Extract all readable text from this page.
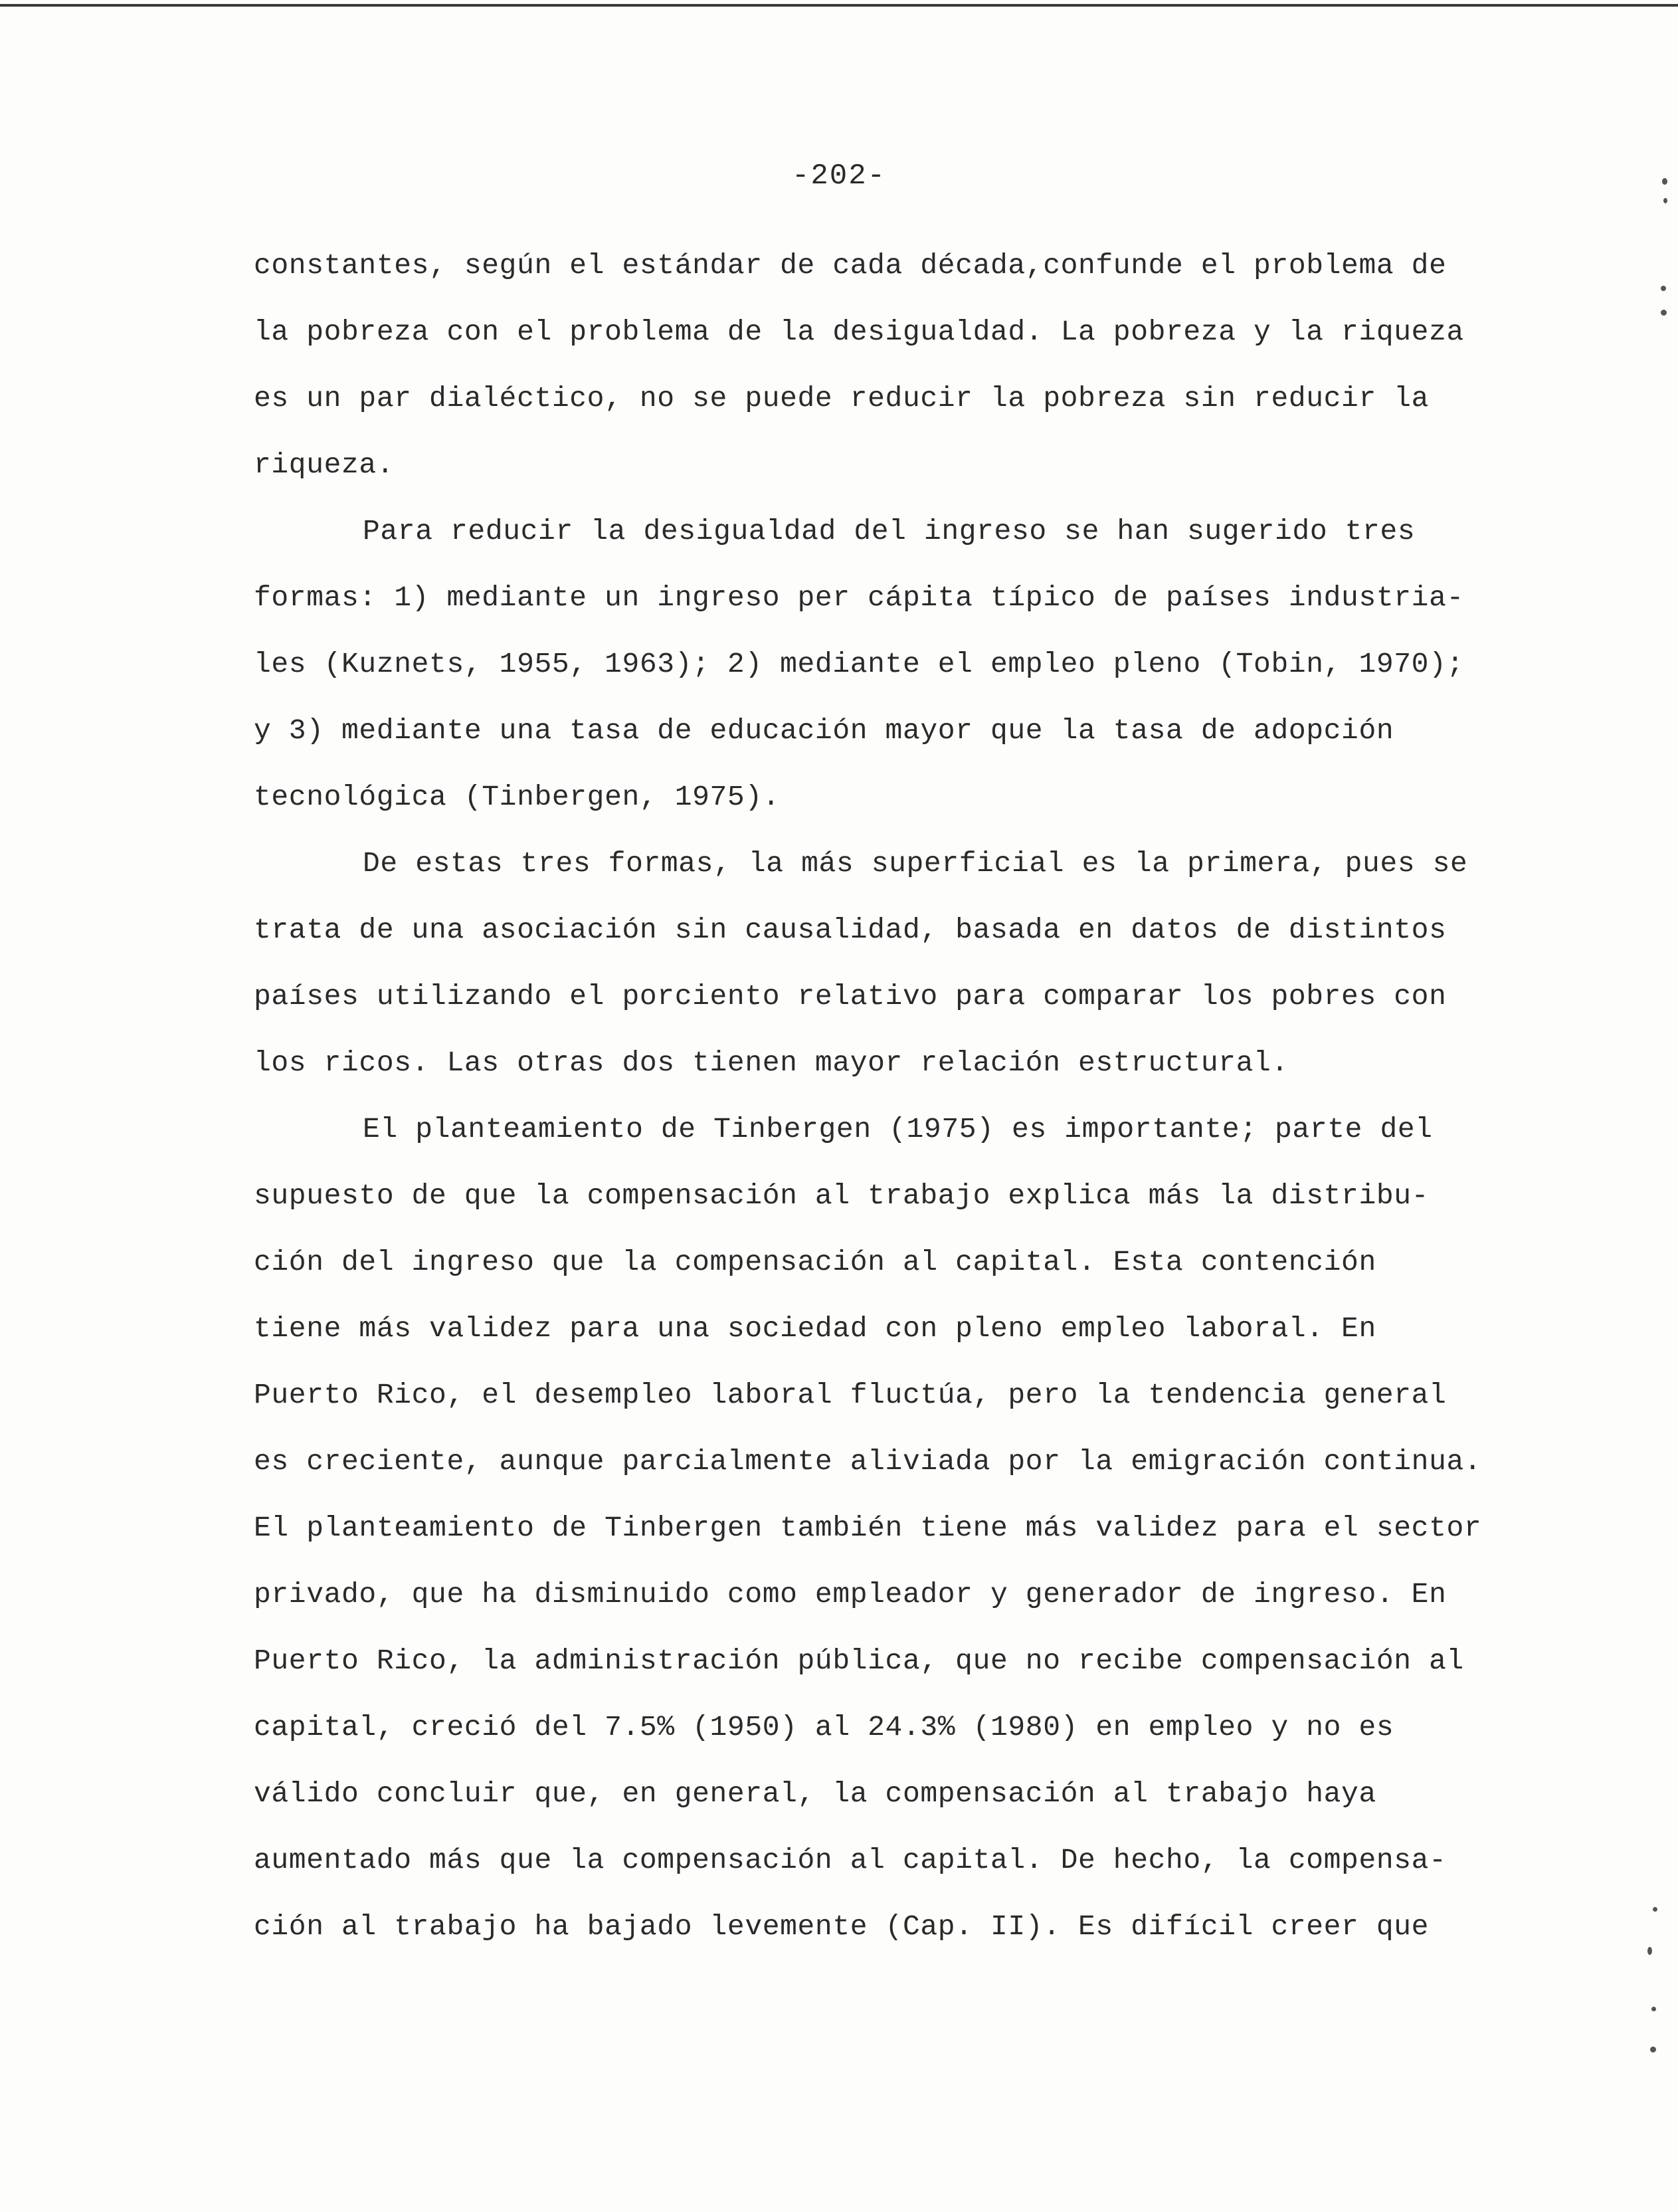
-202-
constantes, según el estándar de cada década,confunde el problema de
la pobreza con el problema de la desigualdad. La pobreza y la riqueza
es un par dialéctico, no se puede reducir la pobreza sin reducir la
riqueza.
Para reducir la desigualdad del ingreso se han sugerido tres
formas: 1) mediante un ingreso per cápita típico de países industria-
les (Kuznets, 1955, 1963); 2) mediante el empleo pleno (Tobin, 1970);
y 3) mediante una tasa de educación mayor que la tasa de adopción
tecnológica (Tinbergen, 1975).
De estas tres formas, la más superficial es la primera, pues se
trata de una asociación sin causalidad, basada en datos de distintos
países utilizando el porciento relativo para comparar los pobres con
los ricos. Las otras dos tienen mayor relación estructural.
El planteamiento de Tinbergen (1975) es importante; parte del
supuesto de que la compensación al trabajo explica más la distribu-
ción del ingreso que la compensación al capital. Esta contención
tiene más validez para una sociedad con pleno empleo laboral. En
Puerto Rico, el desempleo laboral fluctúa, pero la tendencia general
es creciente, aunque parcialmente aliviada por la emigración continua.
El planteamiento de Tinbergen también tiene más validez para el sector
privado, que ha disminuido como empleador y generador de ingreso. En
Puerto Rico, la administración pública, que no recibe compensación al
capital, creció del 7.5% (1950) al 24.3% (1980) en empleo y no es
válido concluir que, en general, la compensación al trabajo haya
aumentado más que la compensación al capital. De hecho, la compensa-
ción al trabajo ha bajado levemente (Cap. II). Es difícil creer que
